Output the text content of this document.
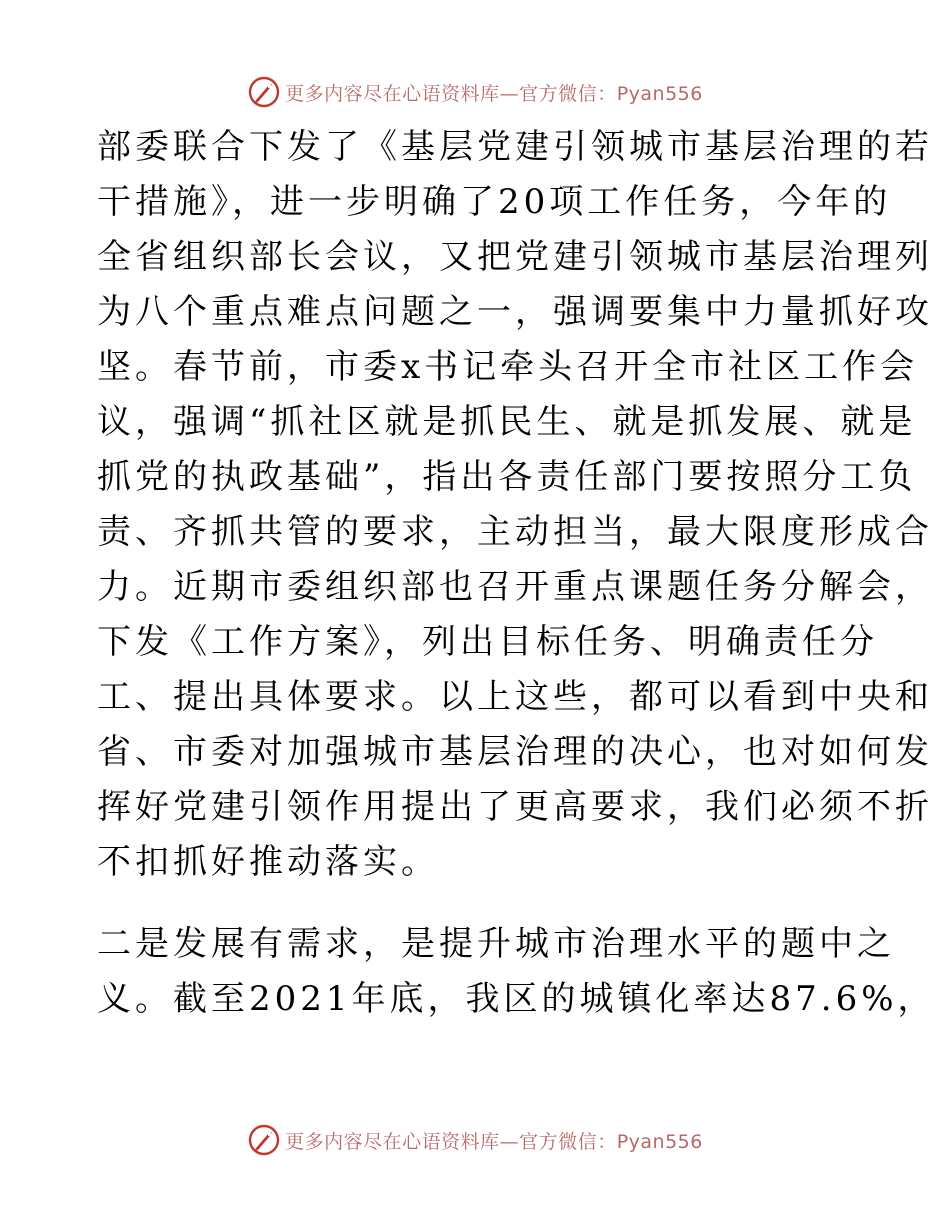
更多内容尽在心语资料库—官方微信：Pyan556
部委联合下发了《基层党建引领城市基层治理的若
干措施》，进一步明确了20项工作任务，今年的
全省组织部长会议，又把党建引领城市基层治理列
为八个重点难点问题之一，强调要集中力量抓好攻
坚。春节前，市委x书记牵头召开全市社区工作会
议，强调“抓社区就是抓民生、就是抓发展、就是
抓党的执政基础”，指出各责任部门要按照分工负
责、齐抓共管的要求，主动担当，最大限度形成合
力。近期市委组织部也召开重点课题任务分解会，
下发《工作方案》，列出目标任务、明确责任分
工、提出具体要求。以上这些，都可以看到中央和
省、市委对加强城市基层治理的决心，也对如何发
挥好党建引领作用提出了更高要求，我们必须不折
不扣抓好推动落实。
二是发展有需求，是提升城市治理水平的题中之
义。截至2021年底，我区的城镇化率达87.6%，
更多内容尽在心语资料库—官方微信：Pyan556
